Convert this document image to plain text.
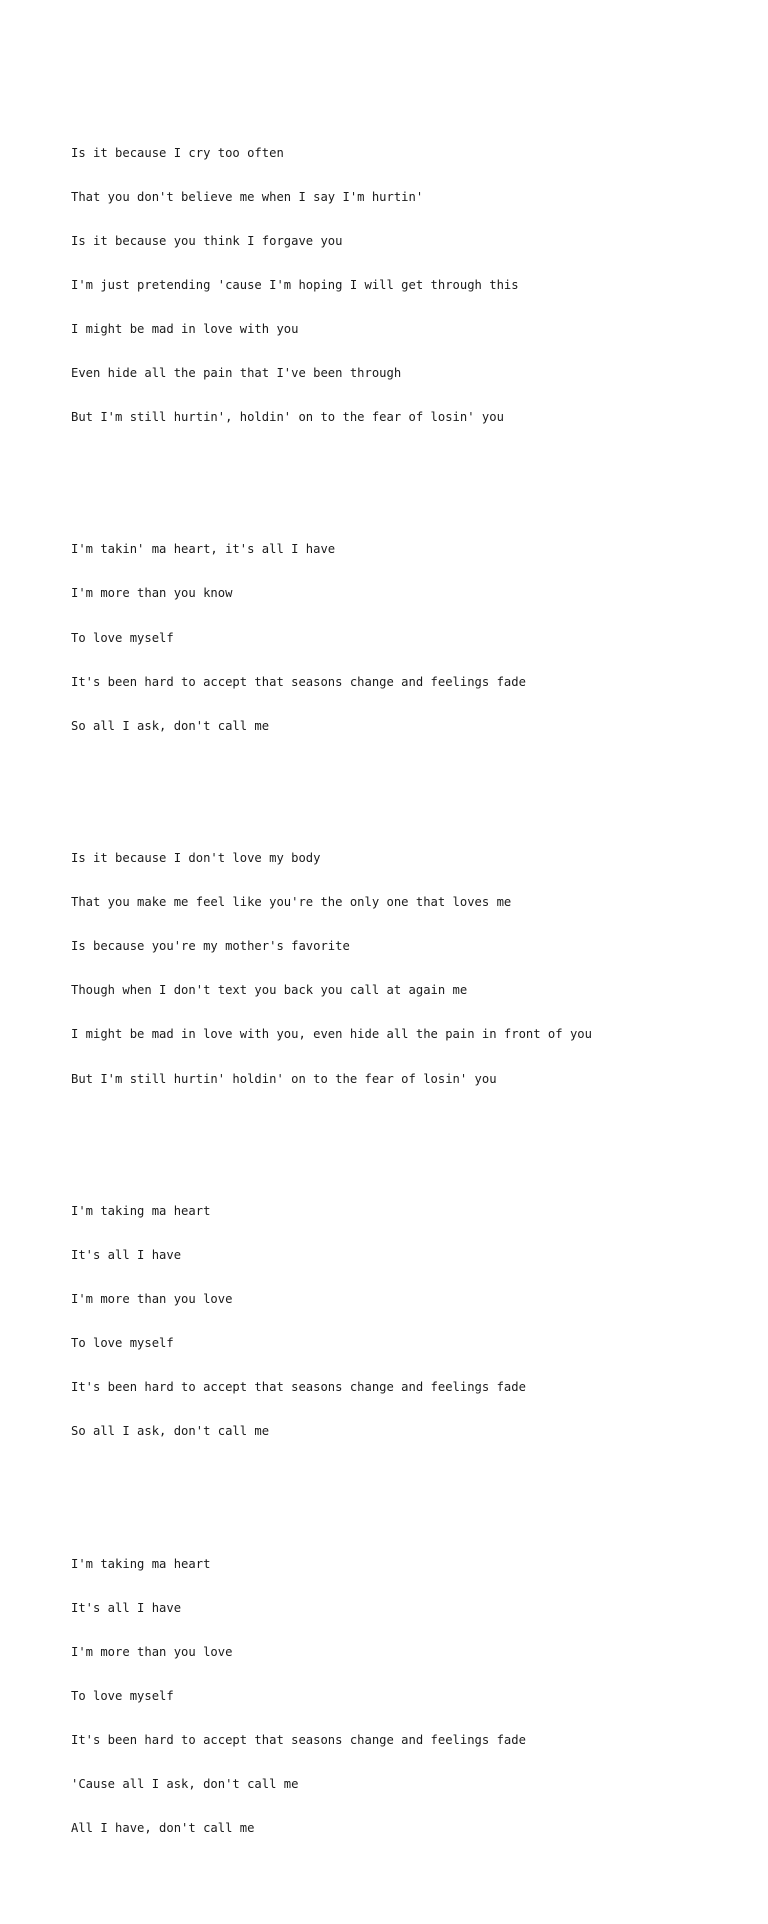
Is it because I cry too often

That you don't believe me when I say I'm hurtin'

Is it because you think I forgave you

I'm just pretending 'cause I'm hoping I will get through this

I might be mad in love with you

Even hide all the pain that I've been through

But I'm still hurtin', holdin' on to the fear of losin' you

I'm takin' ma heart, it's all I have

I'm more than you know

To love myself

It's been hard to accept that seasons change and feelings fade

So all I ask, don't call me

Is it because I don't love my body

That you make me feel like you're the only one that loves me

Is because you're my mother's favorite

Though when I don't text you back you call at again me

I might be mad in love with you, even hide all the pain in front of you

But I'm still hurtin' holdin' on to the fear of losin' you

I'm taking ma heart

It's all I have

I'm more than you love

To love myself

It's been hard to accept that seasons change and feelings fade

So all I ask, don't call me

I'm taking ma heart

It's all I have

I'm more than you love

To love myself

It's been hard to accept that seasons change and feelings fade

'Cause all I ask, don't call me

All I have, don't call me
